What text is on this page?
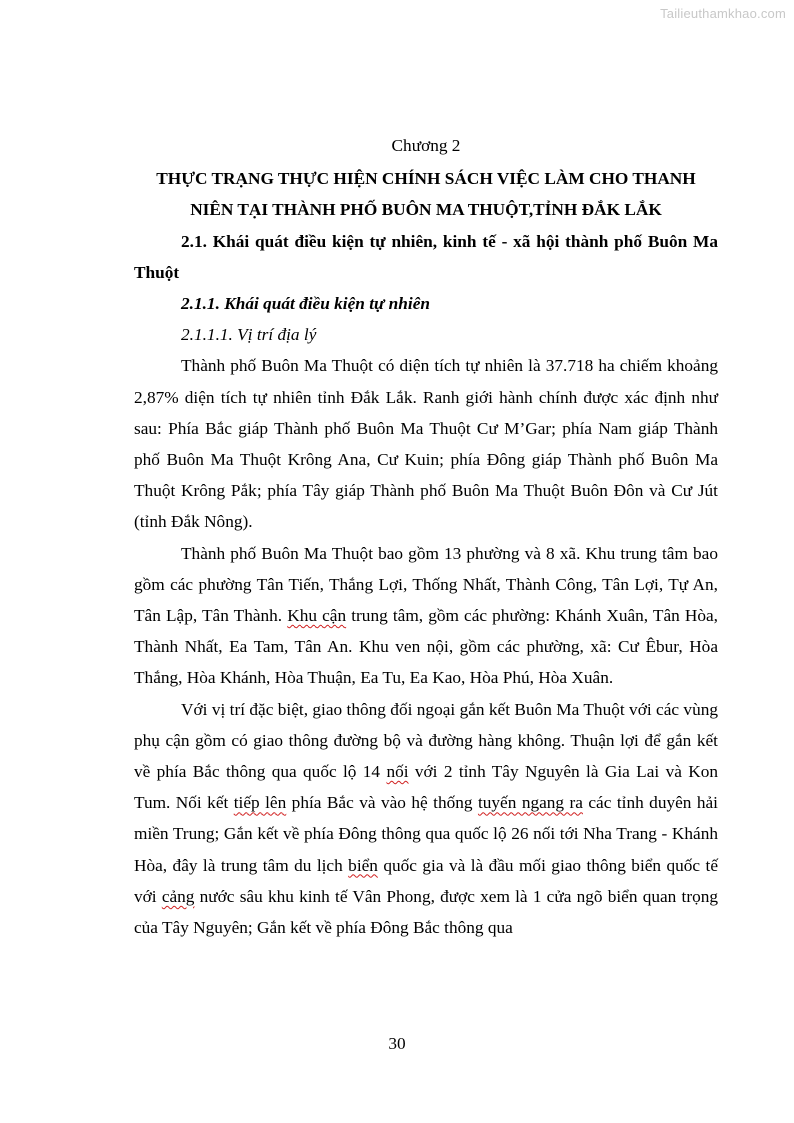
Tailieuthamkhao.com

Chương 2

THỰC TRẠNG THỰC HIỆN CHÍNH SÁCH VIỆC LÀM CHO THANH NIÊN TẠI THÀNH PHỐ BUÔN MA THUỘT,TỈNH ĐẮK LẮK

2.1. Khái quát điều kiện tự nhiên, kinh tế - xã hội thành phố Buôn Ma Thuột

2.1.1. Khái quát điều kiện tự nhiên

2.1.1.1. Vị trí địa lý

Thành phố Buôn Ma Thuột có diện tích tự nhiên là 37.718 ha chiếm khoảng 2,87% diện tích tự nhiên tỉnh Đắk Lắk. Ranh giới hành chính được xác định như sau: Phía Bắc giáp Thành phố Buôn Ma Thuột Cư M’Gar; phía Nam giáp Thành phố Buôn Ma Thuột Krông Ana, Cư Kuin; phía Đông giáp Thành phố Buôn Ma Thuột Krông Pắk; phía Tây giáp Thành phố Buôn Ma Thuột Buôn Đôn và Cư Jút (tỉnh Đắk Nông).

Thành phố Buôn Ma Thuột bao gồm 13 phường và 8 xã. Khu trung tâm bao gồm các phường Tân Tiến, Thắng Lợi, Thống Nhất, Thành Công, Tân Lợi, Tự An, Tân Lập, Tân Thành. Khu cận trung tâm, gồm các phường: Khánh Xuân, Tân Hòa, Thành Nhất, Ea Tam, Tân An. Khu ven nội, gồm các phường, xã: Cư Êbur, Hòa Thắng, Hòa Khánh, Hòa Thuận, Ea Tu, Ea Kao, Hòa Phú, Hòa Xuân.

Với vị trí đặc biệt, giao thông đối ngoại gắn kết Buôn Ma Thuột với các vùng phụ cận gồm có giao thông đường bộ và đường hàng không. Thuận lợi để gắn kết về phía Bắc thông qua quốc lộ 14 nối với 2 tỉnh Tây Nguyên là Gia Lai và Kon Tum. Nối kết tiếp lên phía Bắc và vào hệ thống tuyến ngang ra các tỉnh duyên hải miền Trung; Gắn kết về phía Đông thông qua quốc lộ 26 nối tới Nha Trang - Khánh Hòa, đây là trung tâm du lịch biển quốc gia và là đầu mối giao thông biển quốc tế với cảng nước sâu khu kinh tế Vân Phong, được xem là 1 cửa ngõ biển quan trọng của Tây Nguyên; Gắn kết về phía Đông Bắc thông qua

30
